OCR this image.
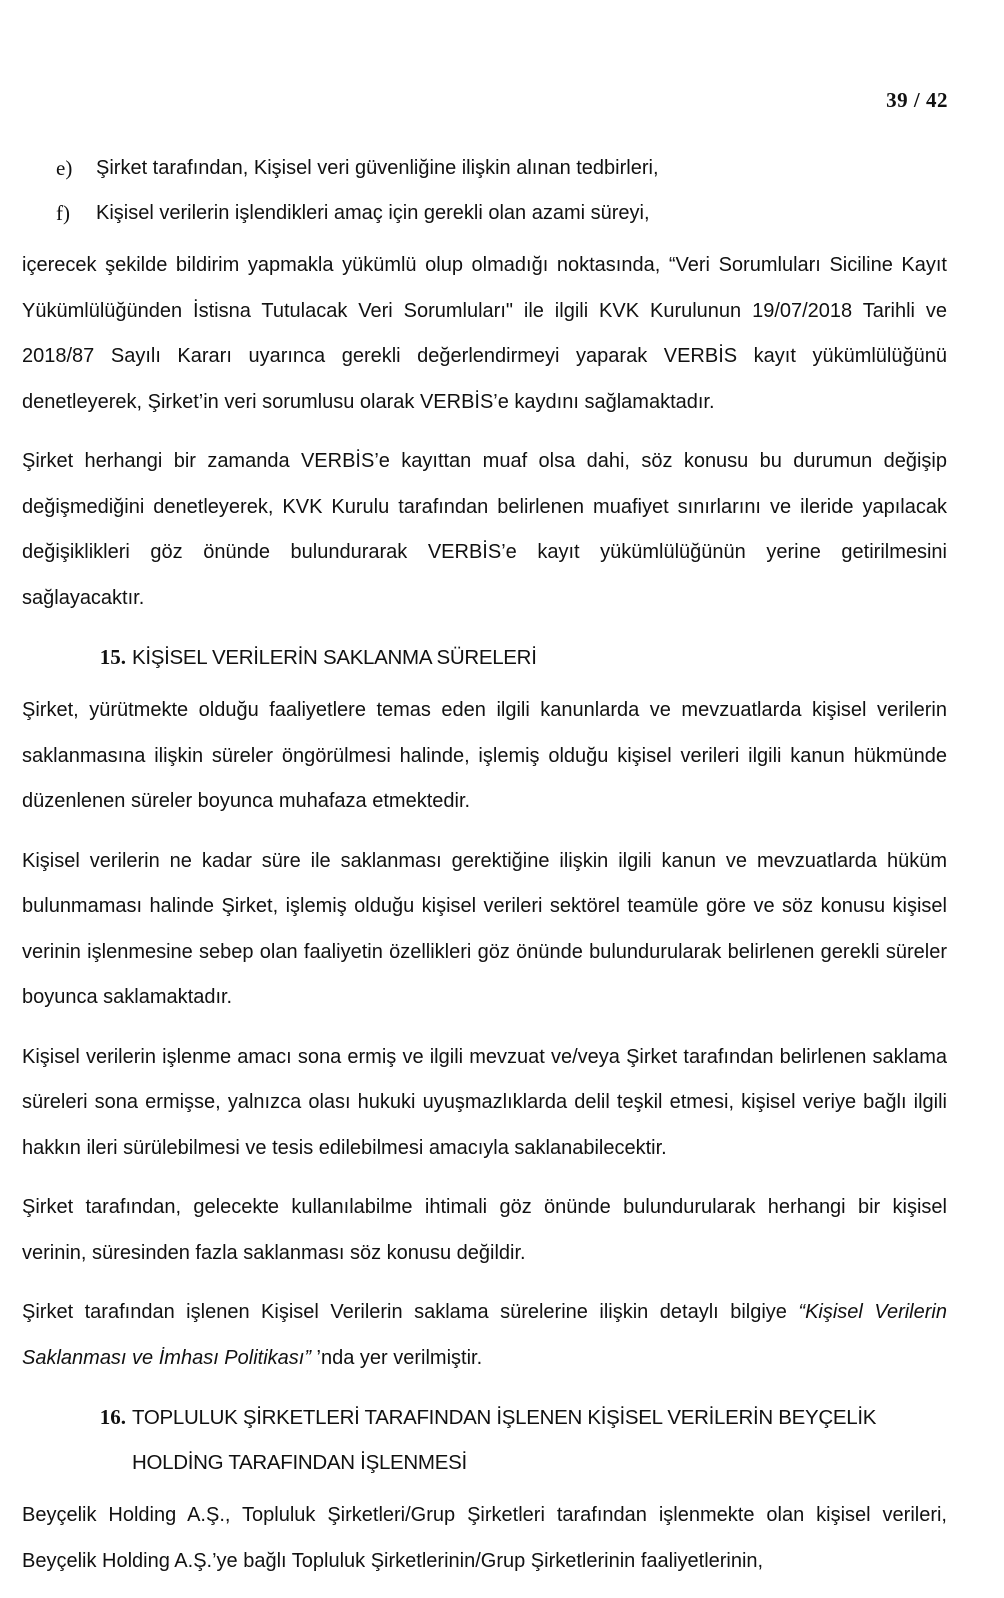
39 / 42
e)	Şirket tarafından, Kişisel veri güvenliğine ilişkin alınan tedbirleri,
f)	Kişisel verilerin işlendikleri amaç için gerekli olan azami süreyi,

içerecek şekilde bildirim yapmakla yükümlü olup olmadığı noktasında, “Veri Sorumluları Siciline Kayıt Yükümlülüğünden İstisna Tutulacak Veri Sorumluları" ile ilgili KVK Kurulunun 19/07/2018 Tarihli ve 2018/87 Sayılı Kararı uyarınca gerekli değerlendirmeyi yaparak VERBİS kayıt yükümlülüğünü denetleyerek, Şirket’in veri sorumlusu olarak VERBİS’e kaydını sağlamaktadır.

Şirket herhangi bir zamanda VERBİS’e kayıttan muaf olsa dahi, söz konusu bu durumun değişip değişmediğini denetleyerek, KVK Kurulu tarafından belirlenen muafiyet sınırlarını ve ileride yapılacak değişiklikleri göz önünde bulundurarak VERBİS’e kayıt yükümlülüğünün yerine getirilmesini sağlayacaktır.

15. KİŞİSEL VERİLERİN SAKLANMA SÜRELERİ

Şirket, yürütmekte olduğu faaliyetlere temas eden ilgili kanunlarda ve mevzuatlarda kişisel verilerin saklanmasına ilişkin süreler öngörülmesi halinde, işlemiş olduğu kişisel verileri ilgili kanun hükmünde düzenlenen süreler boyunca muhafaza etmektedir.

Kişisel verilerin ne kadar süre ile saklanması gerektiğine ilişkin ilgili kanun ve mevzuatlarda hüküm bulunmaması halinde Şirket, işlemiş olduğu kişisel verileri sektörel teamüle göre ve söz konusu kişisel verinin işlenmesine sebep olan faaliyetin özellikleri göz önünde bulundurularak belirlenen gerekli süreler boyunca saklamaktadır.

Kişisel verilerin işlenme amacı sona ermiş ve ilgili mevzuat ve/veya Şirket tarafından belirlenen saklama süreleri sona ermişse, yalnızca olası hukuki uyuşmazlıklarda delil teşkil etmesi, kişisel veriye bağlı ilgili hakkın ileri sürülebilmesi ve tesis edilebilmesi amacıyla saklanabilecektir.

Şirket tarafından, gelecekte kullanılabilme ihtimali göz önünde bulundurularak herhangi bir kişisel verinin, süresinden fazla saklanması söz konusu değildir.

Şirket tarafından işlenen Kişisel Verilerin saklama sürelerine ilişkin detaylı bilgiye “Kişisel Verilerin Saklanması ve İmhası Politikası” ’nda yer verilmiştir.

16. TOPLULUK ŞİRKETLERİ TARAFINDAN İŞLENEN KİŞİSEL VERİLERİN BEYÇELİK HOLDİNG TARAFINDAN İŞLENMESİ

Beyçelik Holding A.Ş., Topluluk Şirketleri/Grup Şirketleri tarafından işlenmekte olan kişisel verileri, Beyçelik Holding A.Ş.’ye bağlı Topluluk Şirketlerinin/Grup Şirketlerinin faaliyetlerinin,
